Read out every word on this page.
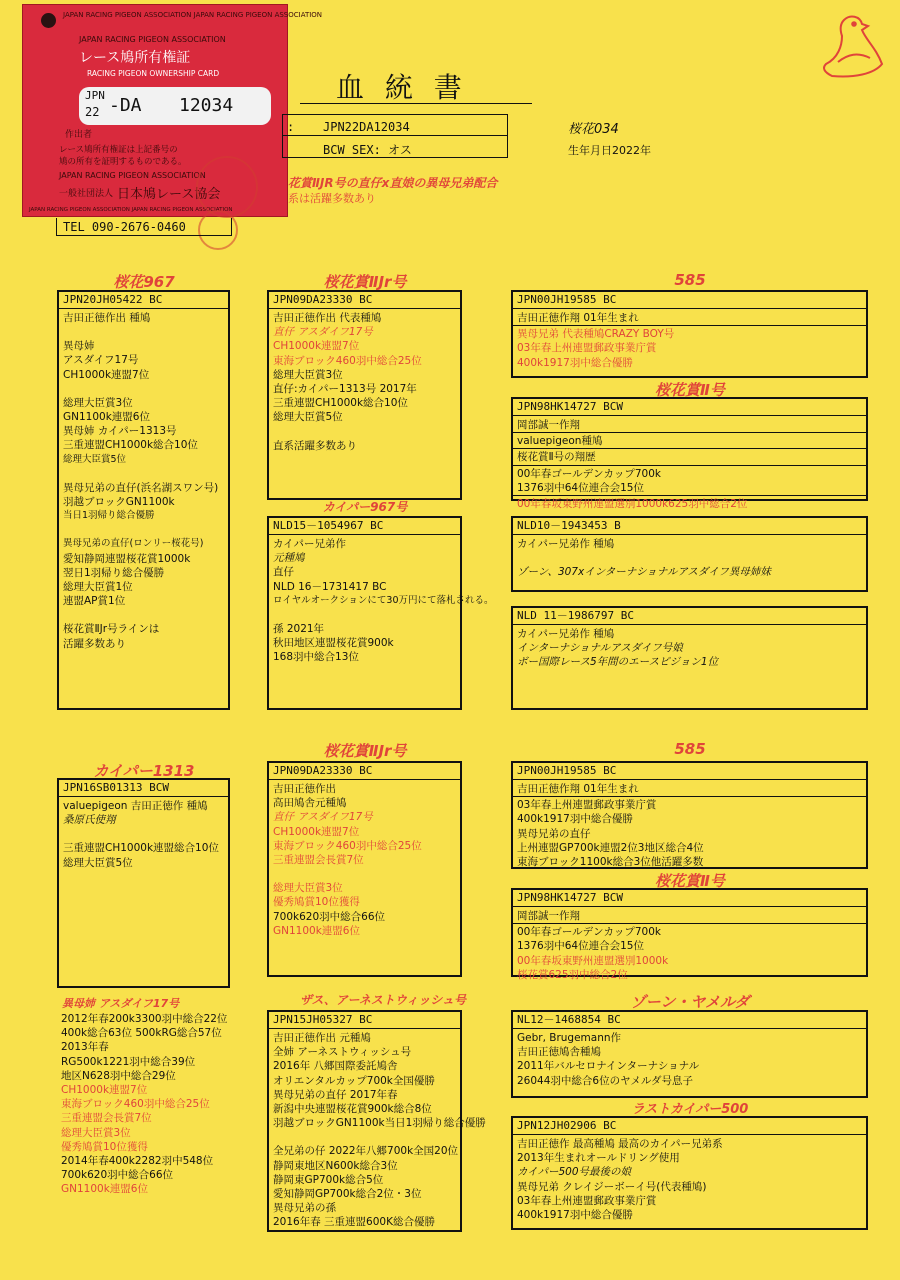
JAPAN RACING PIGEON ASSOCIATION JAPAN RACING PIGEON ASSOCIATION
JAPAN RACING PIGEON ASSOCIATION
レース鳩所有権証
RACING PIGEON OWNERSHIP CARD
JPN
22 -DA 12034
作出者
レース鳩所有権証は上記番号の
鳩の所有を証明するものである。
JAPAN RACING PIGEON ASSOCIATION
一般社団法人 日本鳩レース協会
JAPAN RACING PIGEON ASSOCIATION JAPAN RACING PIGEON ASSOCIATION
血 統 書
: JPN22DA12034
BCW SEX: オス
桜花034
生年月日2022年
花賞ⅡJR号の直仔x直娘の異母兄弟配合
系は活躍多数あり
TEL 090-2676-0460
桜花967
JPN20JH05422 BC
吉田正徳作出 種鳩
異母姉
アスダイフ17号
CH1000k連盟7位
総理大臣賞3位
GN1100k連盟6位
異母姉 カイパー1313号
三重連盟CH1000k総合10位
総理大臣賞5位
異母兄弟の直仔(浜名湖スワン号)
羽越ブロックGN1100k
当日1羽帰り総合優勝
異母兄弟の直仔(ロンリー桜花号)
愛知静岡連盟桜花賞1000k
翌日1羽帰り総合優勝
総理大臣賞1位
連盟AP賞1位
桜花賞ⅡJr号ラインは
活躍多数あり
桜花賞ⅡJr号
JPN09DA23330 BC
吉田正徳作出 代表種鳩
直仔 アスダイフ17号
CH1000k連盟7位
東海ブロック460羽中総合25位
総理大臣賞3位
直仔:カイパー1313号 2017年
三重連盟CH1000k総合10位
総理大臣賞5位
直系活躍多数あり
カイパー967号
NLD15－1054967 BC
カイパー兄弟作
元種鳩
直仔
NLD 16－1731417 BC
ロイヤルオークションにて30万円にて落札される。
孫 2021年
秋田地区連盟桜花賞900k
168羽中総合13位
585
JPN00JH19585 BC
吉田正徳作翔 01年生まれ
異母兄弟 代表種鳩CRAZY BOY号
03年春上州連盟郵政事業庁賞
400k1917羽中総合優勝
桜花賞Ⅱ号
JPN98HK14727 BCW
岡部誠一作翔
valuepigeon種鳩
桜花賞Ⅱ号の翔歴
00年春ゴールデンカップ700k
1376羽中64位連合会15位
00年春坂東野州連盟選別1000k625羽中総合2位
NLD10－1943453 B
カイパー兄弟作 種鳩
ゾーン、307xインターナショナルアスダイフ異母姉妹
NLD 11－1986797 BC
カイパー兄弟作 種鳩
インターナショナルアスダイフ号娘
ボー国際レース5年間のエースピジョン1位
カイパー1313
JPN16SB01313 BCW
valuepigeon 吉田正徳作 種鳩
桑原氏使翔
三重連盟CH1000k連盟総合10位
総理大臣賞5位
異母姉 アスダイフ17号
2012年春200k3300羽中総合22位
400k総合63位 500kRG総合57位
2013年春
RG500k1221羽中総合39位
地区N628羽中総合29位
CH1000k連盟7位
東海ブロック460羽中総合25位
三重連盟会長賞7位
総理大臣賞3位
優秀鳩賞10位獲得
2014年春400k2282羽中548位
700k620羽中総合66位
GN1100k連盟6位
桜花賞ⅡJr号
JPN09DA23330 BC
吉田正徳作出
高田鳩舎元種鳩
直仔 アスダイフ17号
CH1000k連盟7位
東海ブロック460羽中総合25位
三重連盟会長賞7位
総理大臣賞3位
優秀鳩賞10位獲得
700k620羽中総合66位
GN1100k連盟6位
ザス、アーネストウィッシュ号
JPN15JH05327 BC
吉田正徳作出 元種鳩
全姉 アーネストウィッシュ号
2016年 八郷国際委託鳩舎
オリエンタルカップ700k全国優勝
異母兄弟の直仔 2017年春
新潟中央連盟桜花賞900k総合8位
羽越ブロックGN1100k当日1羽帰り総合優勝
全兄弟の仔 2022年八郷700k全国20位
静岡東地区N600k総合3位
静岡東GP700k総合5位
愛知静岡GP700k総合2位・3位
異母兄弟の孫
2016年春 三重連盟600K総合優勝
585
JPN00JH19585 BC
吉田正徳作翔 01年生まれ
03年春上州連盟郵政事業庁賞
400k1917羽中総合優勝
異母兄弟の直仔
上州連盟GP700k連盟2位3地区総合4位
東海ブロック1100k総合3位他活躍多数
桜花賞Ⅱ号
JPN98HK14727 BCW
岡部誠一作翔
00年春ゴールデンカップ700k
1376羽中64位連合会15位
00年春坂東野州連盟選別1000k
桜花賞625羽中総合2位
ゾーン・ヤメルダ
NL12－1468854 BC
Gebr, Brugemann作
吉田正徳鳩舎種鳩
2011年バルセロナインターナショナル
26044羽中総合6位のヤメルダ号息子
ラストカイパー500
JPN12JH02906 BC
吉田正徳作 最高種鳩 最高のカイパー兄弟系
2013年生まれオールドリング使用
カイパー500号最後の娘
異母兄弟 クレイジーボーイ号(代表種鳩)
03年春上州連盟郵政事業庁賞
400k1917羽中総合優勝
